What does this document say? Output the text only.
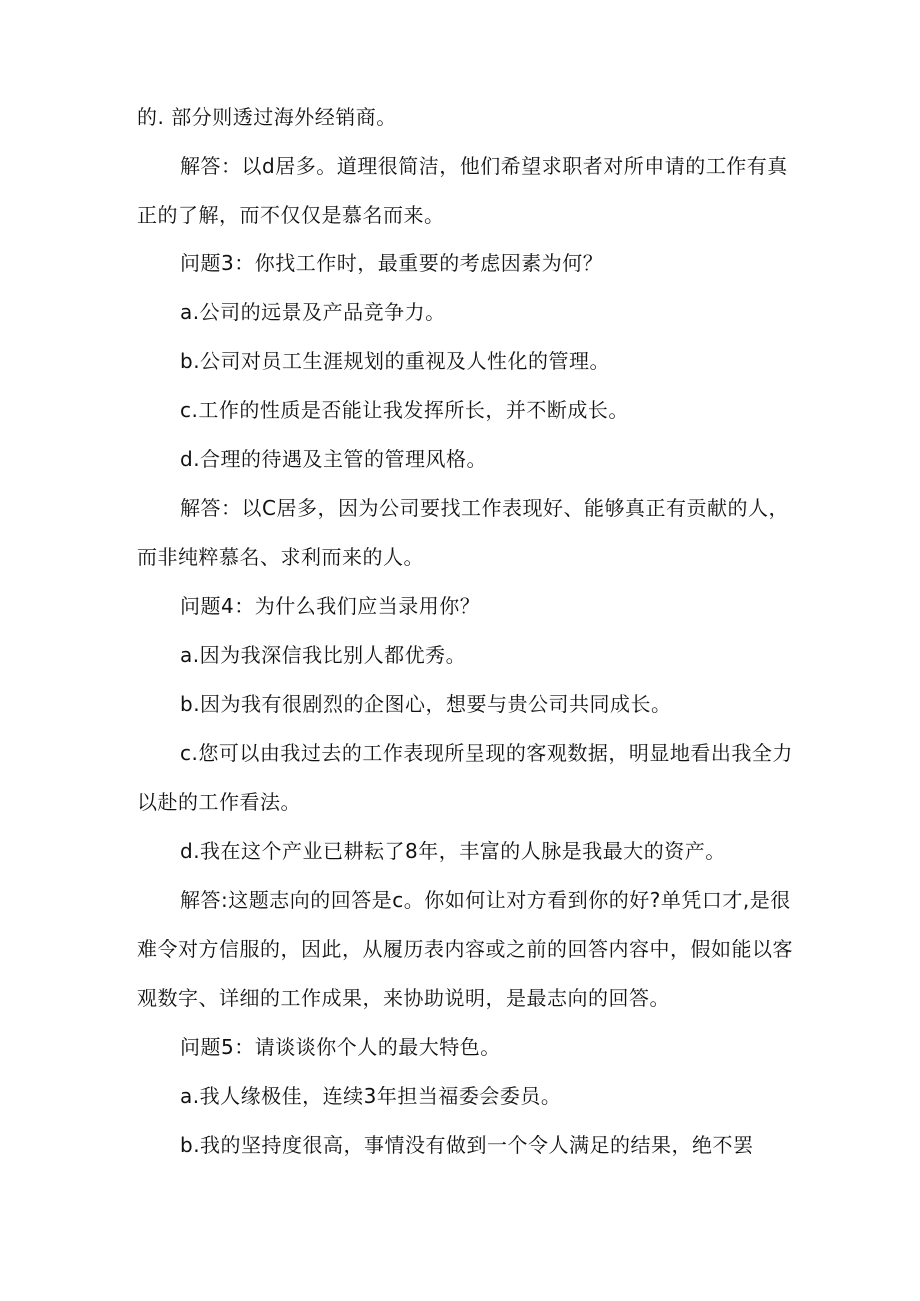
的. 部分则透过海外经销商。
解答：以d居多。道理很简洁，他们希望求职者对所申请的工作有真
正的了解，而不仅仅是慕名而来。
问题3：你找工作时，最重要的考虑因素为何？
a.公司的远景及产品竞争力。
b.公司对员工生涯规划的重视及人性化的管理。
c.工作的性质是否能让我发挥所长，并不断成长。
d.合理的待遇及主管的管理风格。
解答：以C居多，因为公司要找工作表现好、能够真正有贡献的人，
而非纯粹慕名、求利而来的人。
问题4：为什么我们应当录用你？
a.因为我深信我比别人都优秀。
b.因为我有很剧烈的企图心，想要与贵公司共同成长。
c.您可以由我过去的工作表现所呈现的客观数据，明显地看出我全力
以赴的工作看法。
d.我在这个产业已耕耘了8年，丰富的人脉是我最大的资产。
解答:这题志向的回答是c。你如何让对方看到你的好?单凭口才,是很
难令对方信服的，因此，从履历表内容或之前的回答内容中，假如能以客
观数字、详细的工作成果，来协助说明，是最志向的回答。
问题5：请谈谈你个人的最大特色。
a.我人缘极佳，连续3年担当福委会委员。
b.我的坚持度很高，事情没有做到一个令人满足的结果，绝不罢
